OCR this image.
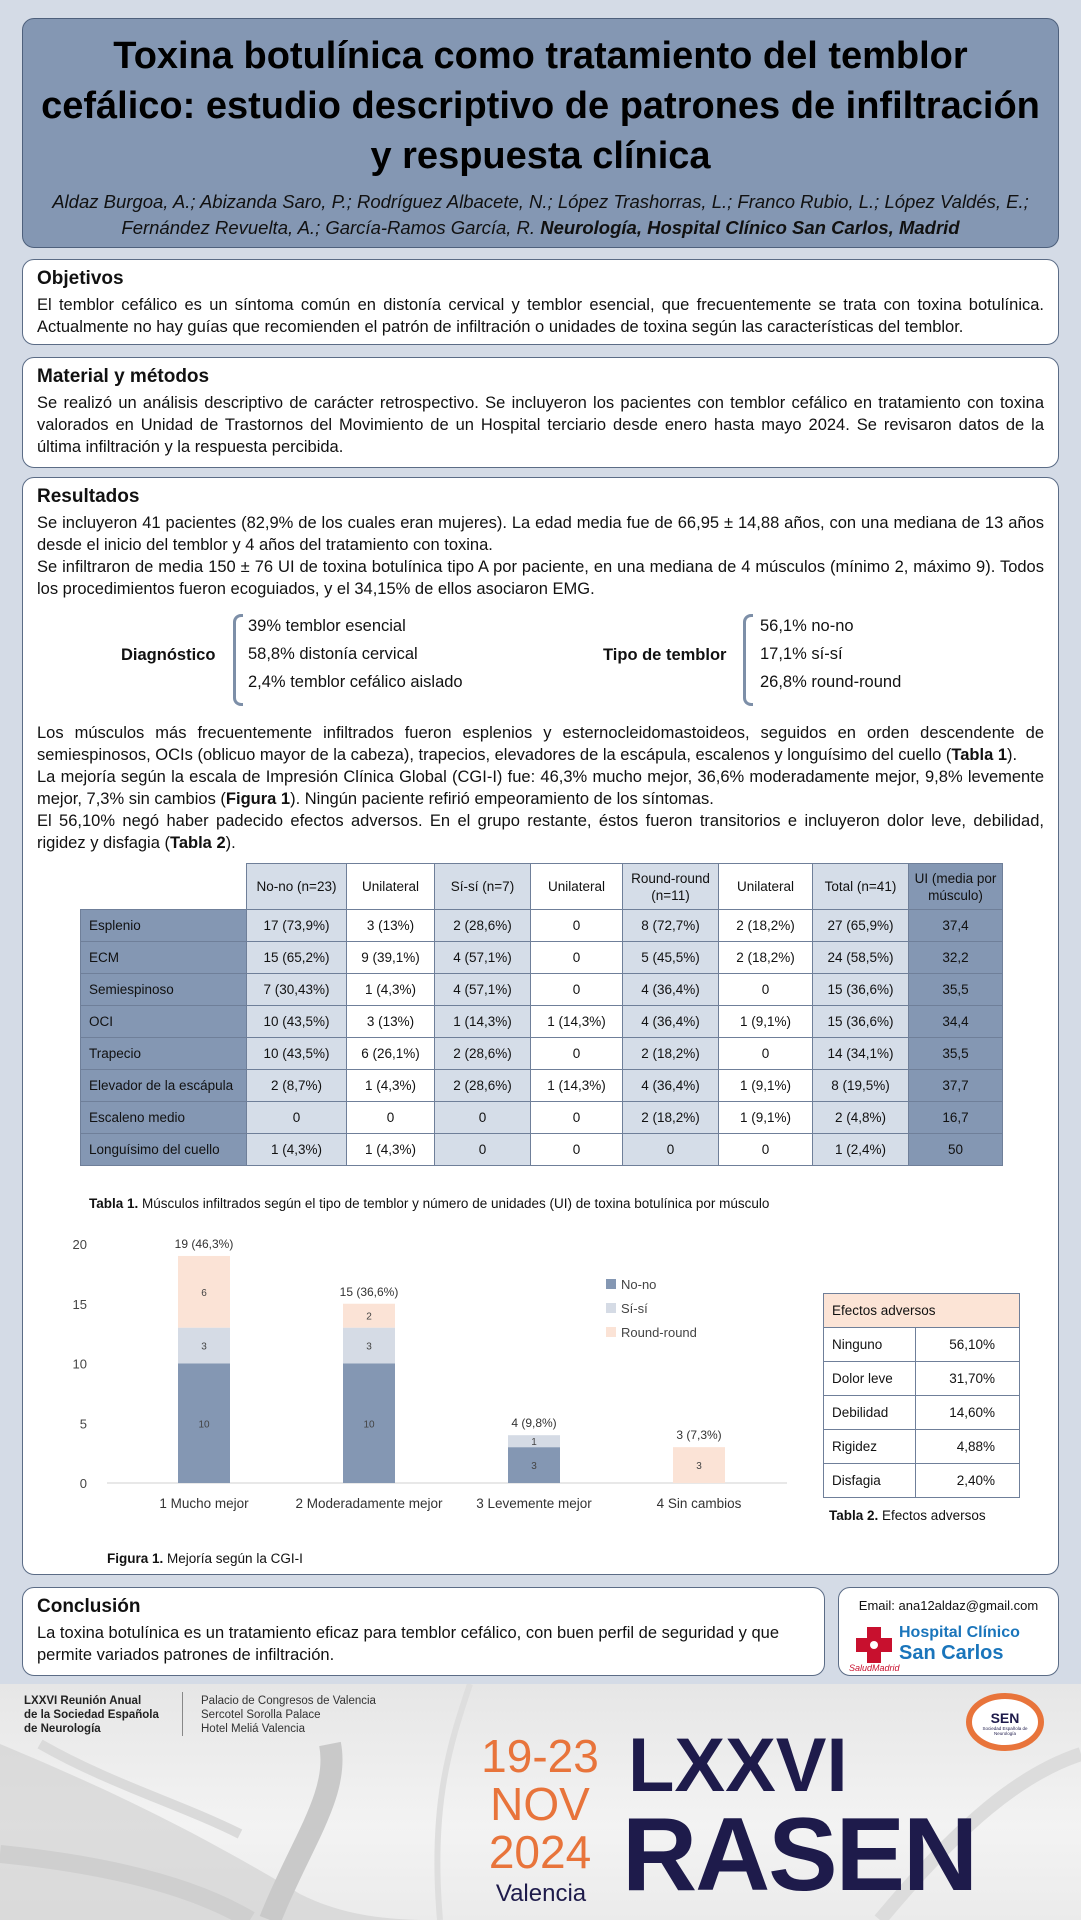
Toxina botulínica como tratamiento del temblor cefálico: estudio descriptivo de patrones de infiltración y respuesta clínica
Aldaz Burgoa, A.; Abizanda Saro, P.; Rodríguez Albacete, N.; López Trashorras, L.; Franco Rubio, L.; López Valdés, E.; Fernández Revuelta, A.; García-Ramos García, R. Neurología, Hospital Clínico San Carlos, Madrid
Objetivos

El temblor cefálico es un síntoma común en distonía cervical y temblor esencial, que frecuentemente se trata con toxina botulínica. Actualmente no hay guías que recomienden el patrón de infiltración o unidades de toxina según las características del temblor.

Material y métodos

Se realizó un análisis descriptivo de carácter retrospectivo. Se incluyeron los pacientes con temblor cefálico en tratamiento con toxina valorados en Unidad de Trastornos del Movimiento de un Hospital terciario desde enero hasta mayo 2024. Se revisaron datos de la última infiltración y la respuesta percibida.

Resultados

Se incluyeron 41 pacientes (82,9% de los cuales eran mujeres). La edad media fue de 66,95 ± 14,88 años, con una mediana de 13 años desde el inicio del temblor y 4 años del tratamiento con toxina.

Se infiltraron de media 150 ± 76 UI de toxina botulínica tipo A por paciente, en una mediana de 4 músculos (mínimo 2, máximo 9). Todos los procedimientos fueron ecoguiados, y el 34,15% de ellos asociaron EMG.

Diagnóstico
39% temblor esencial
58,8% distonía cervical
2,4% temblor cefálico aislado
Tipo de temblor
56,1% no-no
17,1% sí-sí
26,8% round-round

Los músculos más frecuentemente infiltrados fueron esplenios y esternocleidomastoideos, seguidos en orden descendente de semiespinosos, OCIs (oblicuo mayor de la cabeza), trapecios, elevadores de la escápula, escalenos y longuísimo del cuello (Tabla 1).

La mejoría según la escala de Impresión Clínica Global (CGI-I) fue: 46,3% mucho mejor, 36,6% moderadamente mejor, 9,8% levemente mejor, 7,3% sin cambios (Figura 1). Ningún paciente refirió empeoramiento de los síntomas.

El 56,10% negó haber padecido efectos adversos. En el grupo restante, éstos fueron transitorios e incluyeron dolor leve, debilidad, rigidez y disfagia (Tabla 2).

	No-no (n=23)	Unilateral	Sí-sí (n=7)	Unilateral	Round-round (n=11)	Unilateral	Total (n=41)	UI (media por músculo)
Esplenio	17 (73,9%)	3 (13%)	2 (28,6%)	0	8 (72,7%)	2 (18,2%)	27 (65,9%)	37,4
ECM	15 (65,2%)	9 (39,1%)	4 (57,1%)	0	5 (45,5%)	2 (18,2%)	24 (58,5%)	32,2
Semiespinoso	7 (30,43%)	1 (4,3%)	4 (57,1%)	0	4 (36,4%)	0	15 (36,6%)	35,5
OCI	10 (43,5%)	3 (13%)	1 (14,3%)	1 (14,3%)	4 (36,4%)	1 (9,1%)	15 (36,6%)	34,4
Trapecio	10 (43,5%)	6 (26,1%)	2 (28,6%)	0	2 (18,2%)	0	14 (34,1%)	35,5
Elevador de la escápula	2 (8,7%)	1 (4,3%)	2 (28,6%)	1 (14,3%)	4 (36,4%)	1 (9,1%)	8 (19,5%)	37,7
Escaleno medio	0	0	0	0	2 (18,2%)	1 (9,1%)	2 (4,8%)	16,7
Longuísimo del cuello	1 (4,3%)	1 (4,3%)	0	0	0	0	1 (2,4%)	50
Tabla 1. Músculos infiltrados según el tipo de temblor y número de unidades (UI) de toxina botulínica por músculo
0
5
10
15
20
10
3
6
19 (46,3%)
1 Mucho mejor
10
3
2
15 (36,6%)
2 Moderadamente mejor
3
1
4 (9,8%)
3 Levemente mejor
3
3 (7,3%)
4 Sin cambios
No-no
Sí-sí
Round-round
Figura 1. Mejoría según la CGI-I
Efectos adversos	
Ninguno	56,10%
Dolor leve	31,70%
Debilidad	14,60%
Rigidez	4,88%
Disfagia	2,40%
Tabla 2. Efectos adversos
Conclusión

La toxina botulínica es un tratamiento eficaz para temblor cefálico, con buen perfil de seguridad y que permite variados patrones de infiltración.

Email: ana12aldaz@gmail.com
SaludMadrid
Hospital Clínico
San Carlos
LXXVI Reunión Anual
de la Sociedad Española
de Neurología
Palacio de Congresos de Valencia
Sercotel Sorolla Palace
Hotel Meliá Valencia
19-23
NOV
2024
Valencia
LXXVI
RASEN
SEN
Sociedad Española de Neurología
